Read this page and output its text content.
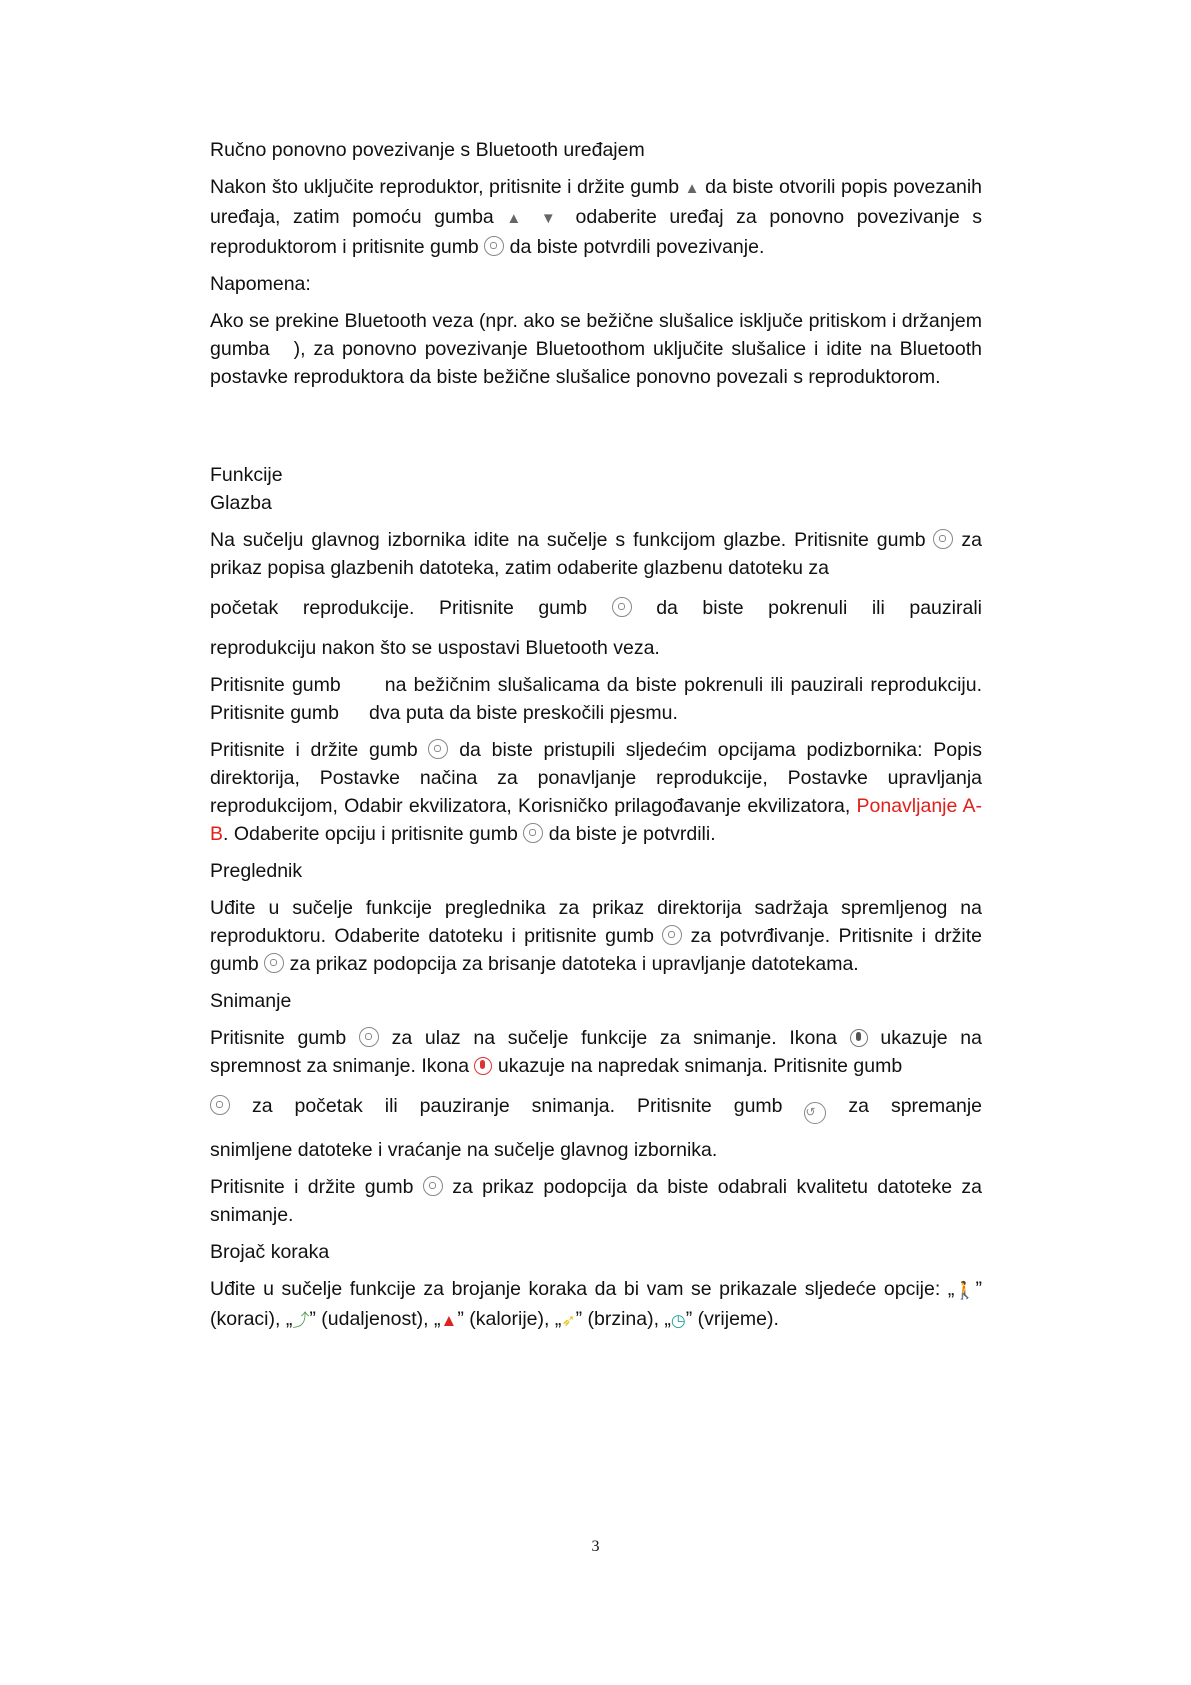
Ručno ponovno povezivanje s Bluetooth uređajem

Nakon što uključite reproduktor, pritisnite i držite gumb ▲ da biste otvorili popis povezanih uređaja, zatim pomoću gumba ▲ ▼ odaberite uređaj za ponovno povezivanje s reproduktorom i pritisnite gumb da biste potvrdili povezivanje.

Napomena:

Ako se prekine Bluetooth veza (npr. ako se bežične slušalice isključe pritiskom i držanjem gumba ), za ponovno povezivanje Bluetoothom uključite slušalice i idite na Bluetooth postavke reproduktora da biste bežične slušalice ponovno povezali s reproduktorom.

Funkcije

Glazba

Na sučelju glavnog izbornika idite na sučelje s funkcijom glazbe. Pritisnite gumb za prikaz popisa glazbenih datoteka, zatim odaberite glazbenu datoteku za

početak reprodukcije. Pritisnite gumb	da biste pokrenuli ili pauzirali

reprodukciju nakon što se uspostavi Bluetooth veza.

Pritisnite gumb na bežičnim slušalicama da biste pokrenuli ili pauzirali reprodukciju. Pritisnite gumb dva puta da biste preskočili pjesmu.

Pritisnite i držite gumb da biste pristupili sljedećim opcijama podizbornika: Popis direktorija, Postavke načina za ponavljanje reprodukcije, Postavke upravljanja reprodukcijom, Odabir ekvilizatora, Korisničko prilagođavanje ekvilizatora, Ponavljanje A-B. Odaberite opciju i pritisnite gumb da biste je potvrdili.

Preglednik

Uđite u sučelje funkcije preglednika za prikaz direktorija sadržaja spremljenog na reproduktoru. Odaberite datoteku i pritisnite gumb za potvrđivanje. Pritisnite i držite gumb za prikaz podopcija za brisanje datoteka i upravljanje datotekama.

Snimanje

Pritisnite gumb za ulaz na sučelje funkcije za snimanje. Ikona ukazuje na spremnost za snimanje. Ikona ukazuje na napredak snimanja. Pritisnite gumb

za početak ili pauziranje snimanja. Pritisnite gumb ↺ za spremanje

snimljene datoteke i vraćanje na sučelje glavnog izbornika.

Pritisnite i držite gumb za prikaz podopcija da biste odabrali kvalitetu datoteke za snimanje.

Brojač koraka

Uđite u sučelje funkcije za brojanje koraka da bi vam se prikazale sljedeće opcije: „🚶” (koraci), „⤴” (udaljenost), „▲” (kalorije), „➶” (brzina), „◷” (vrijeme).

3
